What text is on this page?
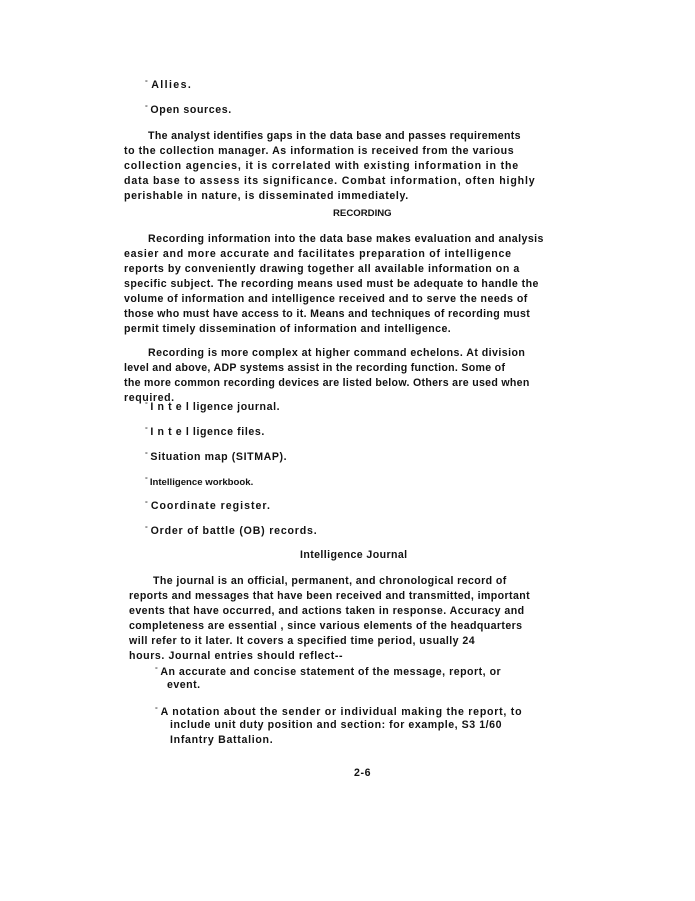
° Allies.
° Open sources.
The analyst identifies gaps in the data base and passes requirements
to the collection manager. As information is received from the various
collection agencies, it is correlated with existing information in the
data base to assess its significance. Combat information, often highly
perishable in nature, is disseminated immediately.
RECORDING
Recording information into the data base makes evaluation and analysis
easier and more accurate and facilitates preparation of intelligence
reports by conveniently drawing together all available information on a
specific subject. The recording means used must be adequate to handle the
volume of information and intelligence received and to serve the needs of
those who must have access to it. Means and techniques of recording must
permit timely dissemination of information and intelligence.
Recording is more complex at higher command echelons. At division
level and above, ADP systems assist in the recording function. Some of
the more common recording devices are listed below. Others are used when
required.
° I n t e l ligence journal.
° I n t e l ligence files.
° Situation map (SITMAP).
° Intelligence workbook.
° Coordinate register.
° Order of battle (OB) records.
Intelligence Journal
The journal is an official, permanent, and chronological record of
reports and messages that have been received and transmitted, important
events that have occurred, and actions taken in response. Accuracy and
completeness are essential , since various elements of the headquarters
will refer to it later. It covers a specified time period, usually 24
hours. Journal entries should reflect--
° An accurate and concise statement of the message, report, or
event.
° A notation about the sender or individual making the report, to
include unit duty position and section: for example, S3 1/60
Infantry Battalion.
2-6
